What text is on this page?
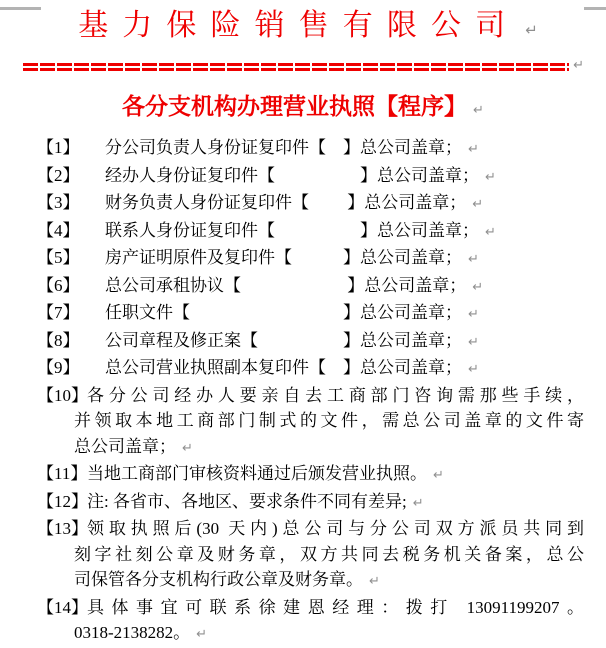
基力保险销售有限公司 ↵
↵
各分支机构办理营业执照【程序】 ↵
【1】	分公司负责人身份证复印件【　】总公司盖章； ↵
【2】	经办人身份证复印件【　　　　　】总公司盖章； ↵
【3】	财务负责人身份证复印件【　　 】总公司盖章； ↵
【4】	联系人身份证复印件【　　　　　】总公司盖章； ↵
【5】	房产证明原件及复印件【　　　】总公司盖章； ↵
【6】	总公司承租协议【　　　　　　 】总公司盖章； ↵
【7】	任职文件【　　　　　　　　　】总公司盖章； ↵
【8】	公司章程及修正案【　　　　　】总公司盖章； ↵
【9】	总公司营业执照副本复印件【　】总公司盖章； ↵
【10】 各分公司经办人要亲自去工商部门咨询需那些手续，
并领取本地工商部门制式的文件，需总公司盖章的文件寄
总公司盖章； ↵
【11】 当地工商部门审核资料通过后颁发营业执照。 ↵
【12】 注: 各省市、各地区、要求条件不同有差异; ↵
【13】 领取执照后(30 天内)总公司与分公司双方派员共同到
刻字社刻公章及财务章，双方共同去税务机关备案，总公
司保管各分支机构行政公章及财务章。 ↵
【14】 具体事宜可联系徐建恩经理：拨打 13091199207。
0318-2138282。 ↵
